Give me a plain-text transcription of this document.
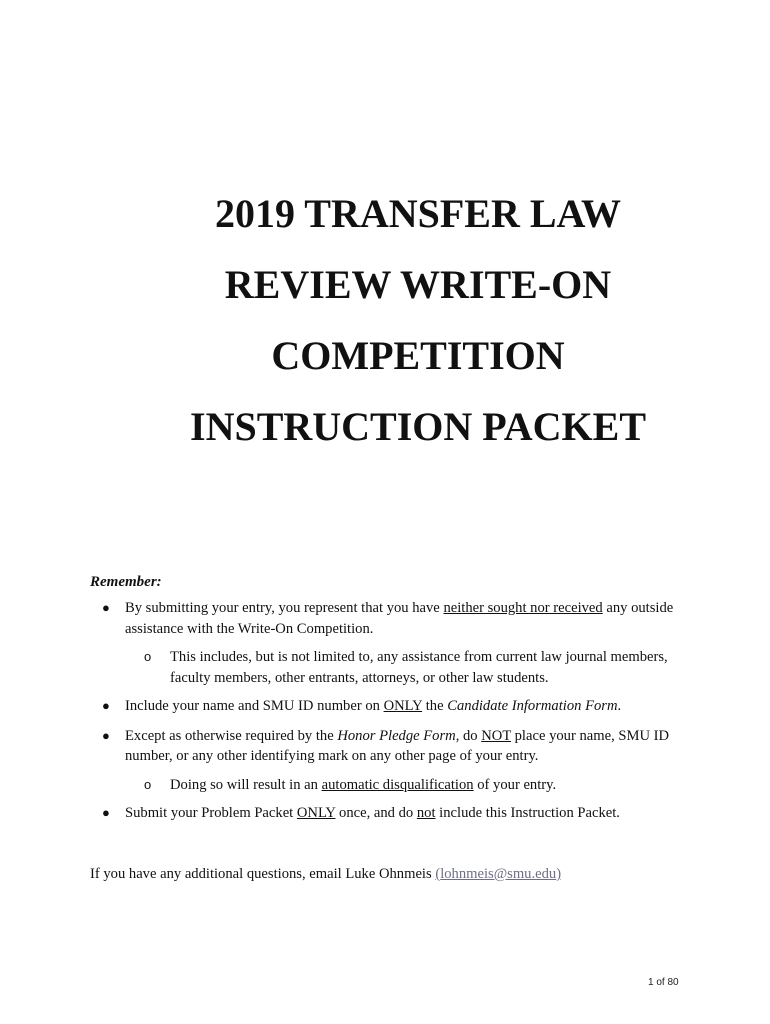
2019 TRANSFER LAW
REVIEW WRITE-ON
COMPETITION
INSTRUCTION PACKET

Remember:

● By submitting your entry, you represent that you have neither sought nor received any outside assistance with the Write-On Competition.
o This includes, but is not limited to, any assistance from current law journal members, faculty members, other entrants, attorneys, or other law students.
● Include your name and SMU ID number on ONLY the Candidate Information Form.
● Except as otherwise required by the Honor Pledge Form, do NOT place your name, SMU ID number, or any other identifying mark on any other page of your entry.
o Doing so will result in an automatic disqualification of your entry.
● Submit your Problem Packet ONLY once, and do not include this Instruction Packet.

If you have any additional questions, email Luke Ohnmeis (lohnmeis@smu.edu)

1 of 80
